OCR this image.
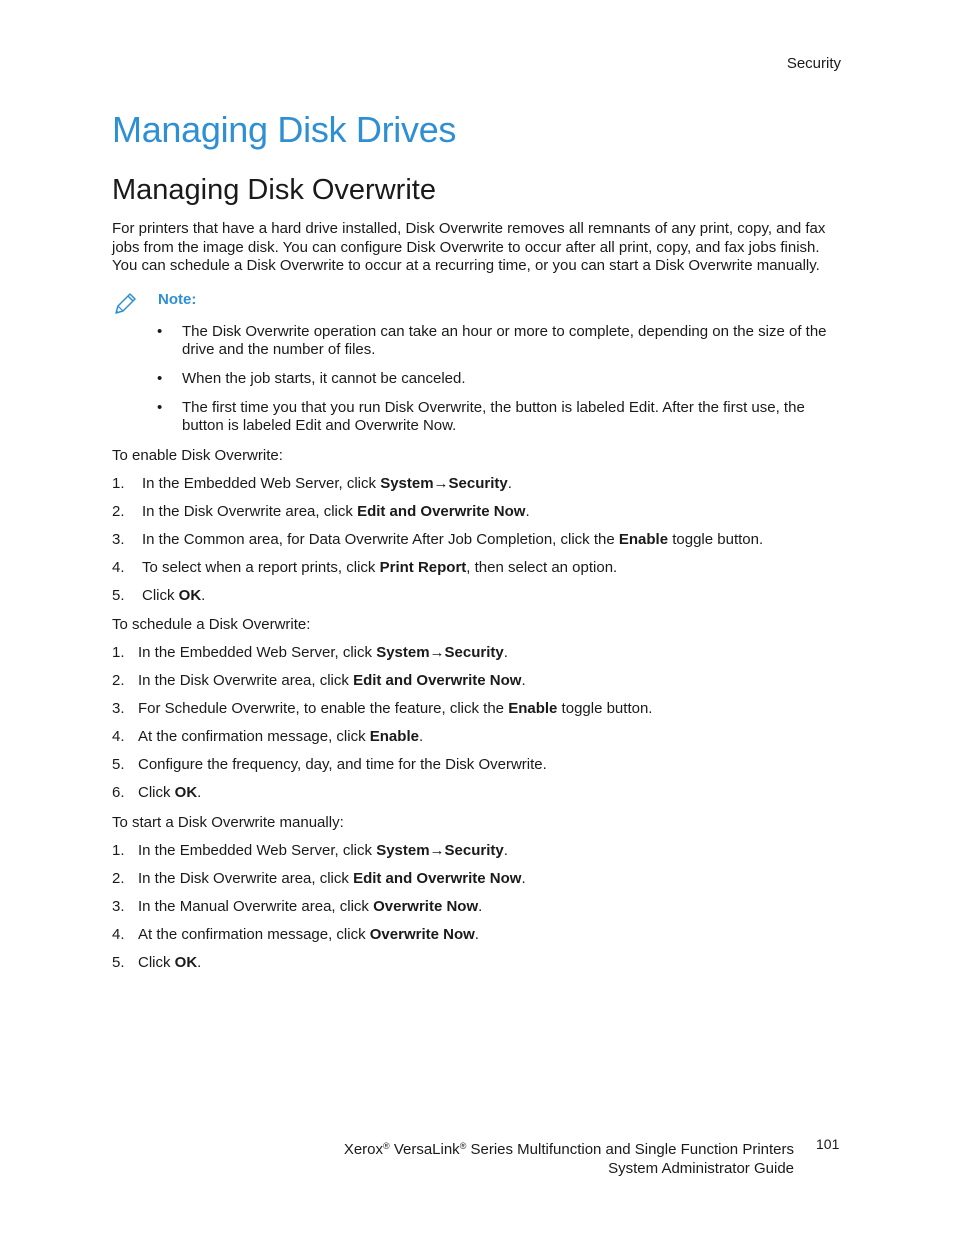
Security
Managing Disk Drives
Managing Disk Overwrite

For printers that have a hard drive installed, Disk Overwrite removes all remnants of any print, copy, and fax jobs from the image disk. You can configure Disk Overwrite to occur after all print, copy, and fax jobs finish. You can schedule a Disk Overwrite to occur at a recurring time, or you can start a Disk Overwrite manually.

Note:
• The Disk Overwrite operation can take an hour or more to complete, depending on the size of the drive and the number of files.
• When the job starts, it cannot be canceled.
• The first time you that you run Disk Overwrite, the button is labeled Edit. After the first use, the button is labeled Edit and Overwrite Now.

To enable Disk Overwrite:

1. In the Embedded Web Server, click System→Security.
2. In the Disk Overwrite area, click Edit and Overwrite Now.
3. In the Common area, for Data Overwrite After Job Completion, click the Enable toggle button.
4. To select when a report prints, click Print Report, then select an option.
5. Click OK.

To schedule a Disk Overwrite:

1. In the Embedded Web Server, click System→Security.
2. In the Disk Overwrite area, click Edit and Overwrite Now.
3. For Schedule Overwrite, to enable the feature, click the Enable toggle button.
4. At the confirmation message, click Enable.
5. Configure the frequency, day, and time for the Disk Overwrite.
6. Click OK.

To start a Disk Overwrite manually:

1. In the Embedded Web Server, click System→Security.
2. In the Disk Overwrite area, click Edit and Overwrite Now.
3. In the Manual Overwrite area, click Overwrite Now.
4. At the confirmation message, click Overwrite Now.
5. Click OK.
Xerox® VersaLink® Series Multifunction and Single Function Printers
System Administrator Guide
101
